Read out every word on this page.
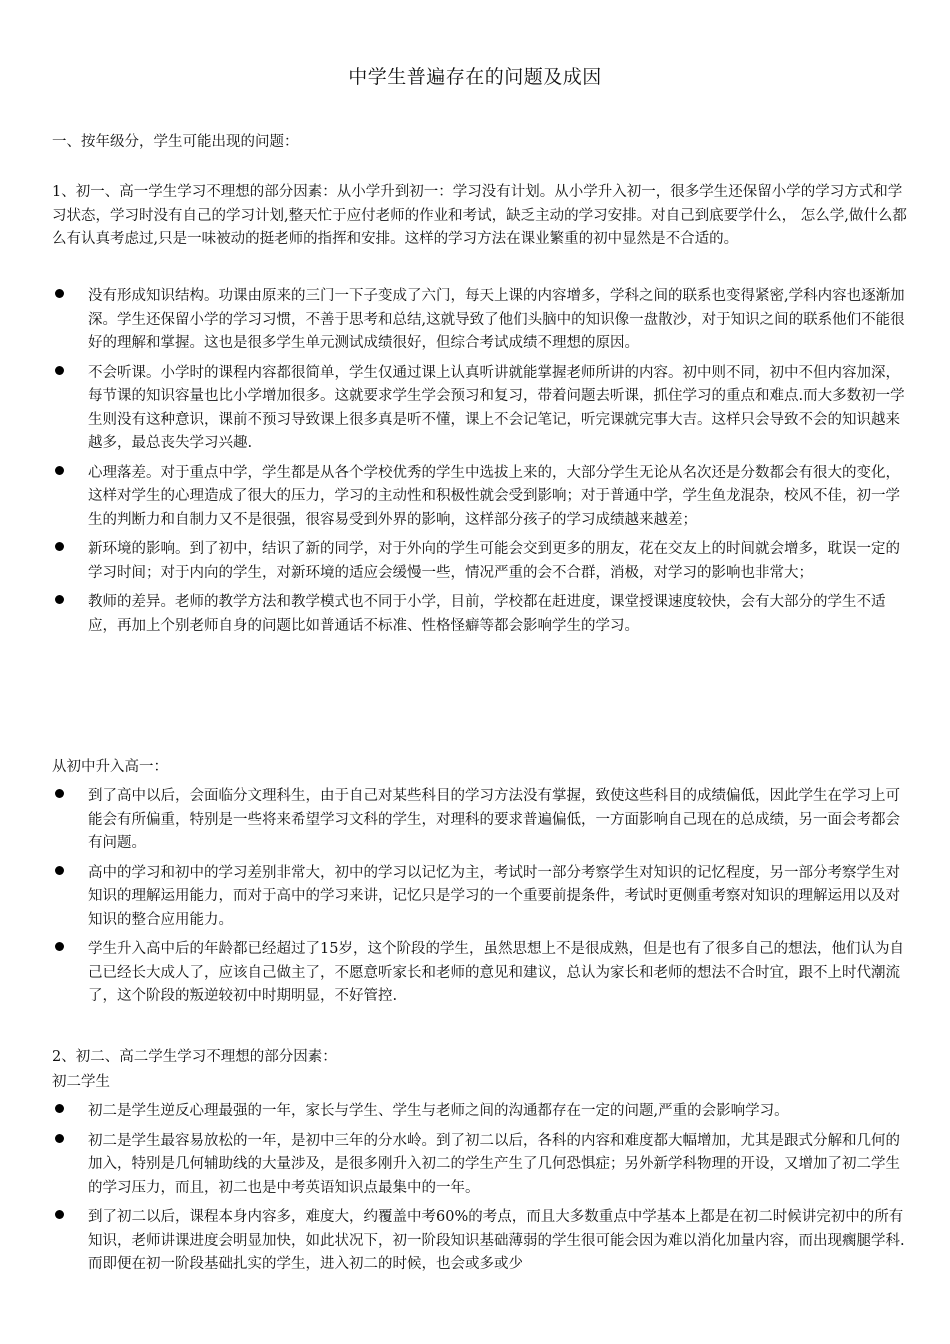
中学生普遍存在的问题及成因
一、按年级分，学生可能出现的问题：
1、初一、高一学生学习不理想的部分因素：从小学升到初一：学习没有计划。从小学升入初一，很多学生还保留小学的学习方式和学习状态，学习时没有自己的学习计划,整天忙于应付老师的作业和考试，缺乏主动的学习安排。对自己到底要学什么， 怎么学,做什么都么有认真考虑过,只是一味被动的挺老师的指挥和安排。这样的学习方法在课业繁重的初中显然是不合适的。
没有形成知识结构。功课由原来的三门一下子变成了六门，每天上课的内容增多，学科之间的联系也变得紧密,学科内容也逐渐加深。学生还保留小学的学习习惯，不善于思考和总结,这就导致了他们头脑中的知识像一盘散沙，对于知识之间的联系他们不能很好的理解和掌握。这也是很多学生单元测试成绩很好，但综合考试成绩不理想的原因。
不会听课。小学时的课程内容都很简单，学生仅通过课上认真听讲就能掌握老师所讲的内容。初中则不同，初中不但内容加深，每节课的知识容量也比小学增加很多。这就要求学生学会预习和复习，带着问题去听课，抓住学习的重点和难点.而大多数初一学生则没有这种意识，课前不预习导致课上很多真是听不懂，课上不会记笔记，听完课就完事大吉。这样只会导致不会的知识越来越多，最总丧失学习兴趣.
心理落差。对于重点中学，学生都是从各个学校优秀的学生中选拔上来的，大部分学生无论从名次还是分数都会有很大的变化，这样对学生的心理造成了很大的压力，学习的主动性和积极性就会受到影响；对于普通中学，学生鱼龙混杂，校风不佳，初一学生的判断力和自制力又不是很强，很容易受到外界的影响，这样部分孩子的学习成绩越来越差；
新环境的影响。到了初中，结识了新的同学，对于外向的学生可能会交到更多的朋友，花在交友上的时间就会增多，耽误一定的学习时间；对于内向的学生，对新环境的适应会缓慢一些，情况严重的会不合群，消极，对学习的影响也非常大；
教师的差异。老师的教学方法和教学模式也不同于小学，目前，学校都在赶进度，课堂授课速度较快，会有大部分的学生不适应，再加上个别老师自身的问题比如普通话不标准、性格怪癖等都会影响学生的学习。
从初中升入高一：
到了高中以后，会面临分文理科生，由于自己对某些科目的学习方法没有掌握，致使这些科目的成绩偏低，因此学生在学习上可能会有所偏重，特别是一些将来希望学习文科的学生，对理科的要求普遍偏低，一方面影响自己现在的总成绩，另一面会考都会有问题。
高中的学习和初中的学习差别非常大，初中的学习以记忆为主，考试时一部分考察学生对知识的记忆程度，另一部分考察学生对知识的理解运用能力，而对于高中的学习来讲，记忆只是学习的一个重要前提条件，考试时更侧重考察对知识的理解运用以及对知识的整合应用能力。
学生升入高中后的年龄都已经超过了15岁，这个阶段的学生，虽然思想上不是很成熟，但是也有了很多自己的想法，他们认为自己已经长大成人了，应该自己做主了，不愿意听家长和老师的意见和建议，总认为家长和老师的想法不合时宜，跟不上时代潮流了，这个阶段的叛逆较初中时期明显，不好管控.
2、初二、高二学生学习不理想的部分因素：
初二学生
初二是学生逆反心理最强的一年，家长与学生、学生与老师之间的沟通都存在一定的问题,严重的会影响学习。
初二是学生最容易放松的一年，是初中三年的分水岭。到了初二以后，各科的内容和难度都大幅增加，尤其是跟式分解和几何的加入，特别是几何辅助线的大量涉及，是很多刚升入初二的学生产生了几何恐惧症；另外新学科物理的开设，又增加了初二学生的学习压力，而且，初二也是中考英语知识点最集中的一年。
到了初二以后，课程本身内容多，难度大，约覆盖中考60%的考点，而且大多数重点中学基本上都是在初二时候讲完初中的所有知识，老师讲课进度会明显加快，如此状况下，初一阶段知识基础薄弱的学生很可能会因为难以消化加量内容，而出现瘸腿学科.而即便在初一阶段基础扎实的学生，进入初二的时候，也会或多或少
